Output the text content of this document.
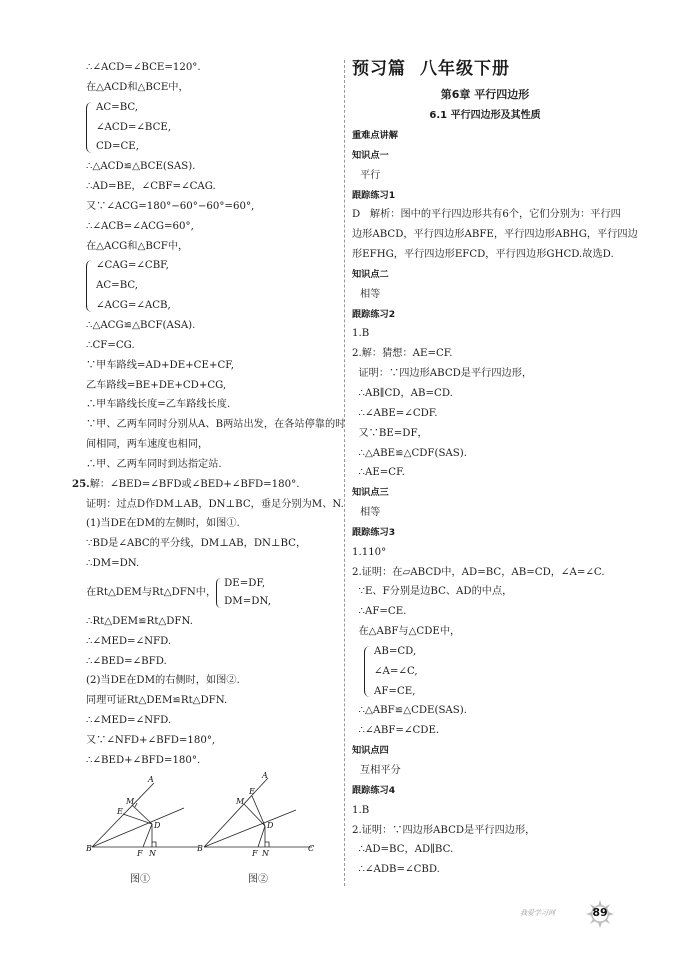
∴∠ACD=∠BCE=120°.
在△ACD和△BCE中，
AC=BC,
∠ACD=∠BCE,
CD=CE,
∴△ACD≌△BCE(SAS).
∴AD=BE，∠CBF=∠CAG.
又∵∠ACG=180°−60°−60°=60°,
∴∠ACB=∠ACG=60°,
在△ACG和△BCF中，
∠CAG=∠CBF,
AC=BC,
∠ACG=∠ACB,
∴△ACG≌△BCF(ASA).
∴CF=CG.
∵甲车路线=AD+DE+CE+CF,
乙车路线=BE+DE+CD+CG,
∴甲车路线长度=乙车路线长度.
∵甲、乙两车同时分别从A、B两站出发，在各站停靠的时
间相同，两车速度也相同，
∴甲、乙两车同时到达指定站.
25.解：∠BED=∠BFD或∠BED+∠BFD=180°.
证明：过点D作DM⊥AB，DN⊥BC，垂足分别为M、N.
(1)当DE在DM的左侧时，如图①.
∵BD是∠ABC的平分线，DM⊥AB，DN⊥BC，
∴DM=DN.
在Rt△DEM与Rt△DFN中，
DE=DF,
DM=DN,
∴Rt△DEM≌Rt△DFN.
∴∠MED=∠NFD.
∴∠BED=∠BFD.
(2)当DE在DM的右侧时，如图②.
同理可证Rt△DEM≌Rt△DFN.
∴∠MED=∠NFD.
又∵∠NFD+∠BFD=180°,
∴∠BED+∠BFD=180°.
A
B
E
M
D
F N
A
B	C
E
M
D
F N
图①	图②
预习篇 八年级下册
第6章 平行四边形
6.1 平行四边形及其性质
重难点讲解
知识点一
平行
跟踪练习1
D   解析：图中的平行四边形共有6个，它们分别为：平行四
边形ABCD，平行四边形ABFE，平行四边形ABHG，平行四边
形EFHG，平行四边形EFCD，平行四边形GHCD.故选D.
知识点二
相等
跟踪练习2
1.B
2.解：猜想：AE=CF.
证明：∵四边形ABCD是平行四边形，
∴AB∥CD，AB=CD.
∴∠ABE=∠CDF.
又∵BE=DF，
∴△ABE≌△CDF(SAS).
∴AE=CF.
知识点三
相等
跟踪练习3
1.110°
2.证明：在▱ABCD中，AD=BC，AB=CD，∠A=∠C.
∵E、F分别是边BC、AD的中点，
∴AF=CE.
在△ABF与△CDE中，
AB=CD,
∠A=∠C,
AF=CE,
∴△ABF≌△CDE(SAS).
∴∠ABF=∠CDE.
知识点四
互相平分
跟踪练习4
1.B
2.证明：∵四边形ABCD是平行四边形，
∴AD=BC，AD∥BC.
∴∠ADB=∠CBD.
我爱学习网	89
